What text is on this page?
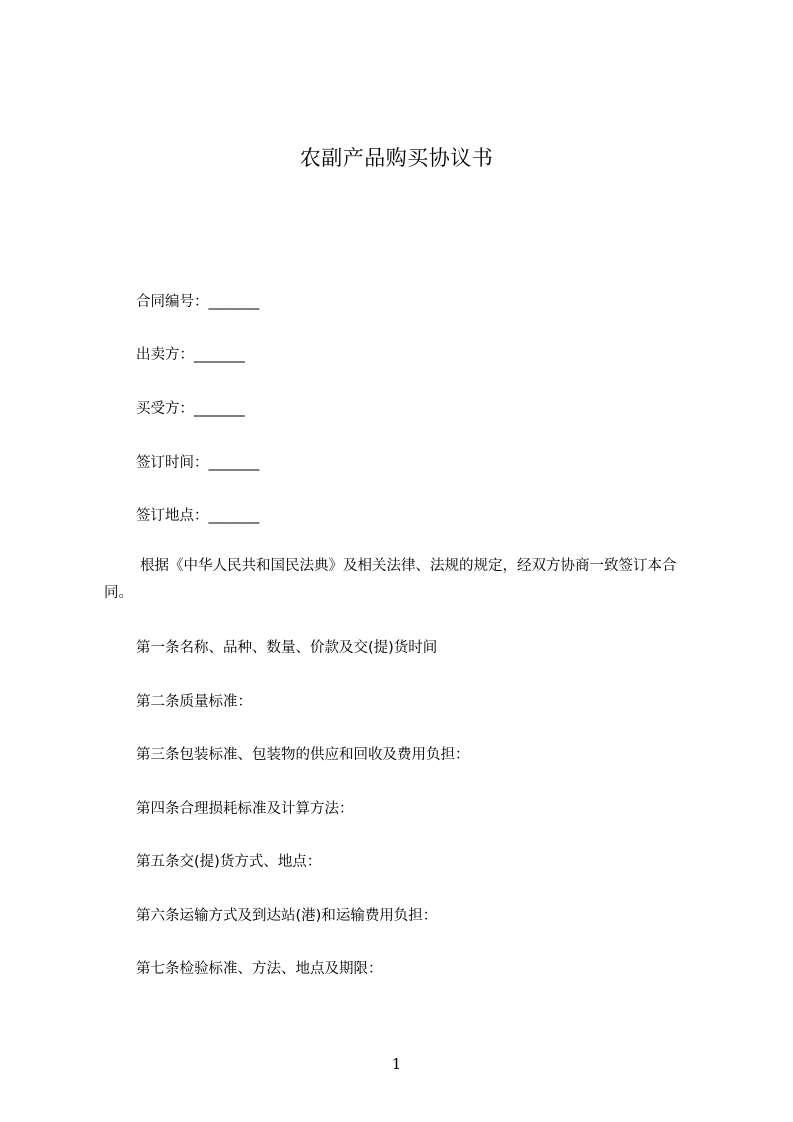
农副产品购买协议书
合同编号：_______
出卖方：_______
买受方：_______
签订时间：_______
签订地点：_______
根据《中华人民共和国民法典》及相关法律、法规的规定，经双方协商一致签订本合同。
第一条名称、品种、数量、价款及交(提)货时间
第二条质量标准：
第三条包装标准、包装物的供应和回收及费用负担：
第四条合理损耗标准及计算方法：
第五条交(提)货方式、地点：
第六条运输方式及到达站(港)和运输费用负担：
第七条检验标准、方法、地点及期限：
1
